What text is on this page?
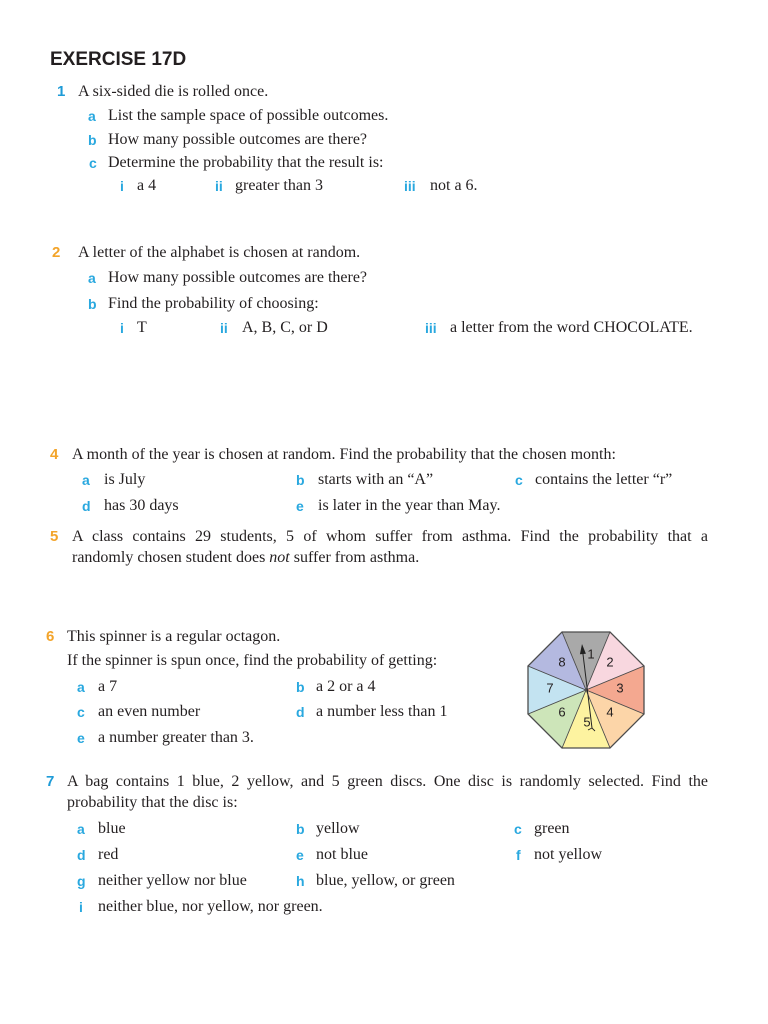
EXERCISE 17D
1 A six-sided die is rolled once.
a List the sample space of possible outcomes.
b How many possible outcomes are there?
c Determine the probability that the result is:
i a 4	ii greater than 3	iii not a 6.
2 A letter of the alphabet is chosen at random.
a How many possible outcomes are there?
b Find the probability of choosing:
i T	ii A, B, C, or D	iii a letter from the word CHOCOLATE.
4 A month of the year is chosen at random. Find the probability that the chosen month:
a is July	b starts with an “A”	c contains the letter “r”
d has 30 days	e is later in the year than May.
5 A class contains 29 students, 5 of whom suffer from asthma. Find the probability that a
randomly chosen student does not suffer from asthma.
6 This spinner is a regular octagon.
If the spinner is spun once, find the probability of getting:
a a 7	b a 2 or a 4
c an even number	d a number less than 1
e a number greater than 3.
1
2
3
4
5
6
7
8
7 A bag contains 1 blue, 2 yellow, and 5 green discs. One disc is randomly selected. Find the
probability that the disc is:
a blue	b yellow	c green
d red	e not blue	f not yellow
g neither yellow nor blue	h blue, yellow, or green
i neither blue, nor yellow, nor green.
